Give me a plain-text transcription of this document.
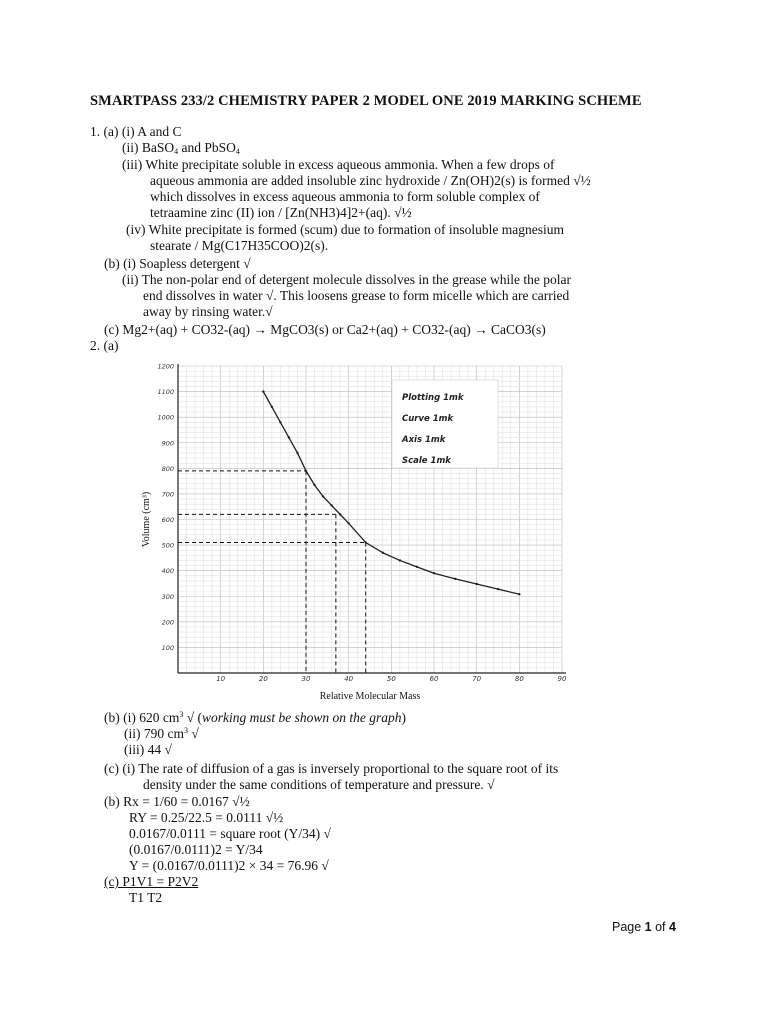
SMARTPASS 233/2 CHEMISTRY PAPER 2 MODEL ONE 2019 MARKING SCHEME
1. (a) (i) A and C
(ii) BaSO$_4$ and PbSO$_4$
(iii) White precipitate soluble in excess aqueous ammonia. When a few drops of
aqueous ammonia are added insoluble zinc hydroxide / Zn(OH)2(s) is formed √½
which dissolves in excess aqueous ammonia to form soluble complex of
tetraamine zinc (II) ion / [Zn(NH3)4]2+(aq). √½
(iv) White precipitate is formed (scum) due to formation of insoluble magnesium
stearate / Mg(C17H35COO)2(s).
(b) (i) Soapless detergent √
(ii) The non-polar end of detergent molecule dissolves in the grease while the polar
end dissolves in water √. This loosens grease to form micelle which are carried
away by rinsing water.√
(c) Mg2+(aq) + CO32-(aq) → MgCO3(s) or Ca2+(aq) + CO32-(aq) → CaCO3(s)
2. (a)
10	20	30	40	50	60	70	80	90
100
200
300
400
500
600
700
800
900
1000
1100
1200
Relative Molecular Mass
Volume (cm³)
Plotting 1mk
Curve 1mk
Axis 1mk
Scale 1mk
(b) (i) 620 $cm^3$ √ (working must be shown on the graph)
(ii) 790 $cm^3$ √
(iii) 44 √
(c) (i) The rate of diffusion of a gas is inversely proportional to the square root of its
density under the same conditions of temperature and pressure. √
(b) Rx = 1/60 = 0.0167 √½
RY = 0.25/22.5 = 0.0111 √½
0.0167/0.0111 = square root (Y/34) √
(0.0167/0.0111)2 = Y/34
Y = (0.0167/0.0111)2 × 34 = 76.96 √
(c) P1V1 = P2V2
T1 T2
Page 1 of 4
